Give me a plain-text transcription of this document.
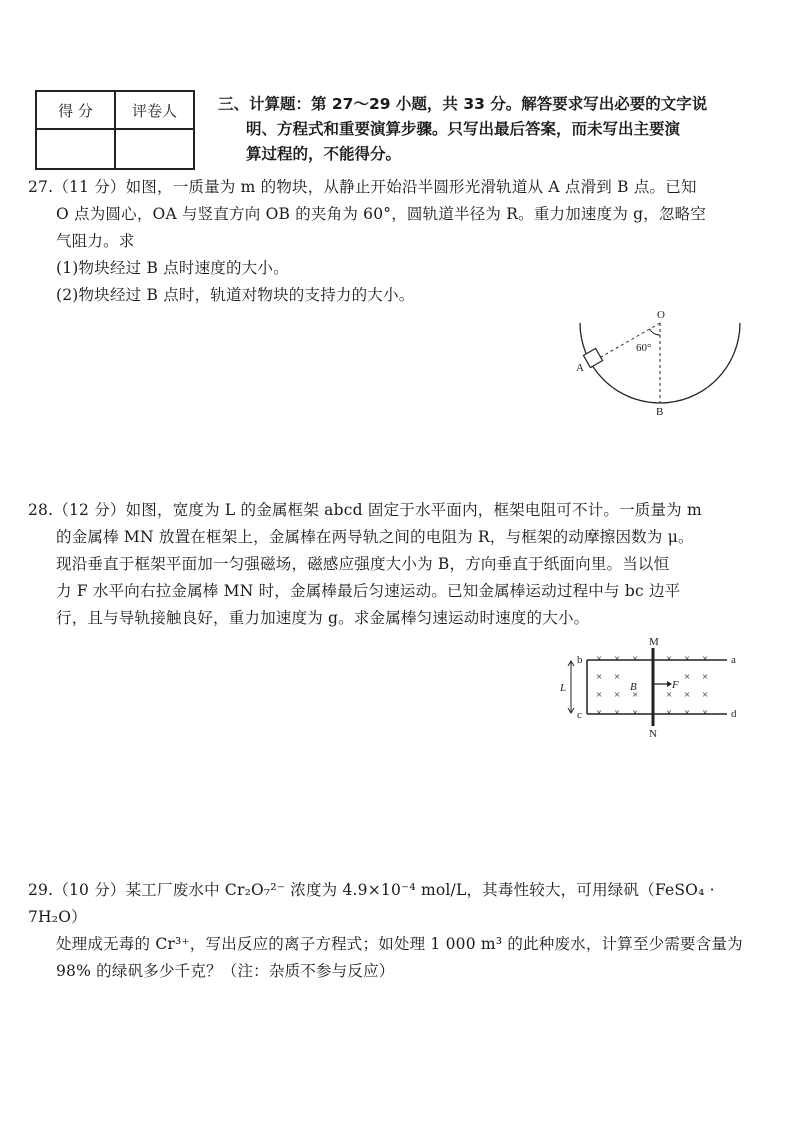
得 分	评卷人
		三、计算题：第 27～29 小题，共 33 分。解答要求写出必要的文字说
明、方程式和重要演算步骤。只写出最后答案，而未写出主要演
算过程的，不能得分。

27.（11 分）如图，一质量为 m 的物块，从静止开始沿半圆形光滑轨道从 A 点滑到 B 点。已知

O 点为圆心，OA 与竖直方向 OB 的夹角为 60°，圆轨道半径为 R。重力加速度为 g，忽略空

气阻力。求

(1)物块经过 B 点时速度的大小。

(2)物块经过 B 点时，轨道对物块的支持力的大小。

O
A
B
60°

28.（12 分）如图，宽度为 L 的金属框架 abcd 固定于水平面内，框架电阻可不计。一质量为 m

的金属棒 MN 放置在框架上，金属棒在两导轨之间的电阻为 R，与框架的动摩擦因数为 μ。

现沿垂直于框架平面加一匀强磁场，磁感应强度大小为 B，方向垂直于纸面向里。当以恒

力 F 水平向右拉金属棒 MN 时，金属棒最后匀速运动。已知金属棒运动过程中与 bc 边平

行，且与导轨接触良好，重力加速度为 g。求金属棒匀速运动时速度的大小。

× × ×	× × ×
× ×	× ×
× × ×	× × ×
× × ×	× × ×
M
N
a
d
b
c
L	B	F

29.（10 分）某工厂废水中 Cr₂O₇²⁻ 浓度为 4.9×10⁻⁴ mol/L，其毒性较大，可用绿矾（FeSO₄ · 7H₂O）

处理成无毒的 Cr³⁺，写出反应的离子方程式；如处理 1 000 m³ 的此种废水，计算至少需要含量为

98% 的绿矾多少千克？（注：杂质不参与反应）
